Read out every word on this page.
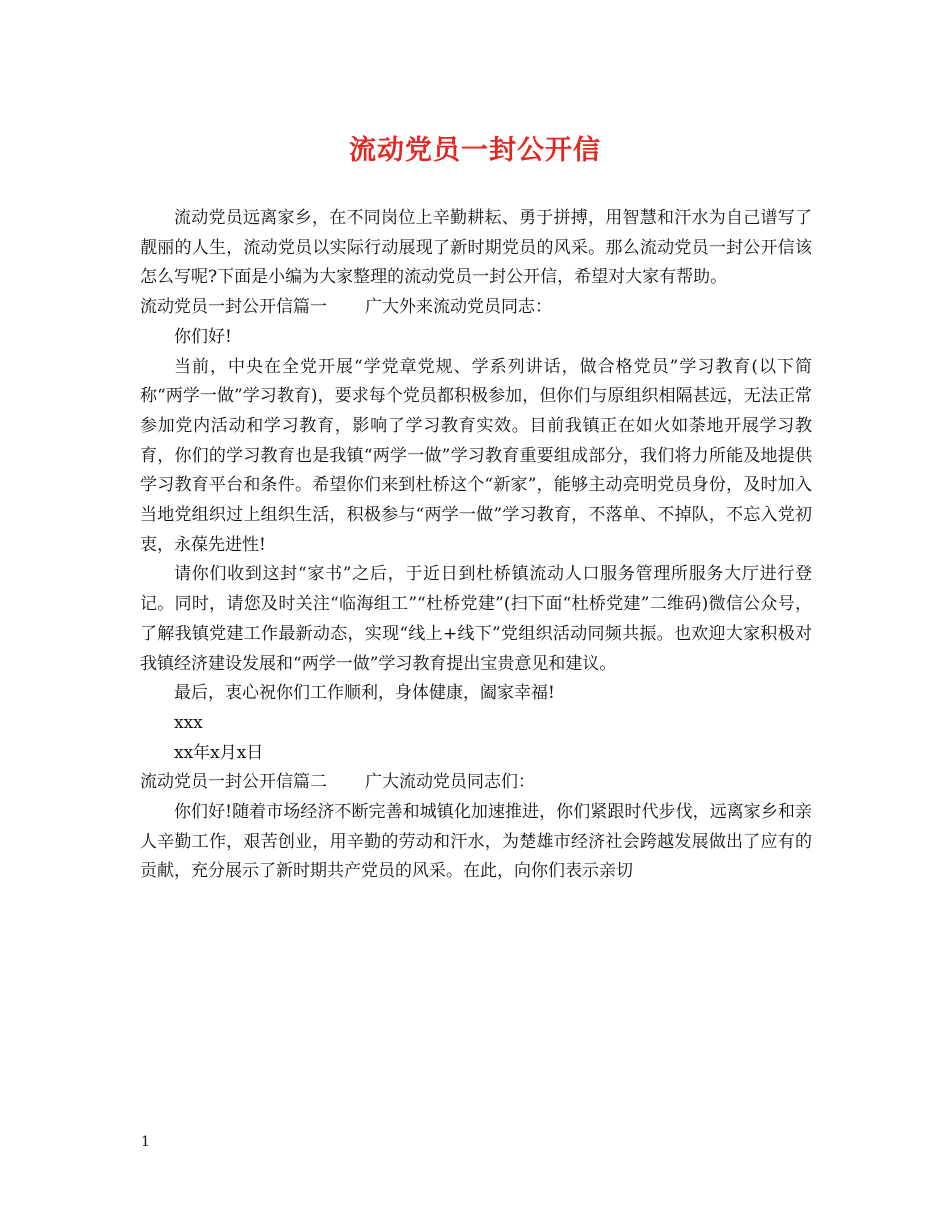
流动党员一封公开信

流动党员远离家乡，在不同岗位上辛勤耕耘、勇于拼搏，用智慧和汗水为自己谱写了靓丽的人生，流动党员以实际行动展现了新时期党员的风采。那么流动党员一封公开信该怎么写呢?下面是小编为大家整理的流动党员一封公开信，希望对大家有帮助。

流动党员一封公开信篇一 广大外来流动党员同志：

你们好!

当前，中央在全党开展“学党章党规、学系列讲话，做合格党员”学习教育(以下简称“两学一做”学习教育)，要求每个党员都积极参加，但你们与原组织相隔甚远，无法正常参加党内活动和学习教育，影响了学习教育实效。目前我镇正在如火如荼地开展学习教育，你们的学习教育也是我镇“两学一做”学习教育重要组成部分，我们将力所能及地提供学习教育平台和条件。希望你们来到杜桥这个“新家”，能够主动亮明党员身份，及时加入当地党组织过上组织生活，积极参与“两学一做”学习教育，不落单、不掉队，不忘入党初衷，永葆先进性!

请你们收到这封“家书”之后，于近日到杜桥镇流动人口服务管理所服务大厅进行登记。同时，请您及时关注“临海组工”“杜桥党建”(扫下面“杜桥党建”二维码)微信公众号，了解我镇党建工作最新动态，实现“线上+线下”党组织活动同频共振。也欢迎大家积极对我镇经济建设发展和“两学一做”学习教育提出宝贵意见和建议。

最后，衷心祝你们工作顺利，身体健康，阖家幸福!

xxx

xx年x月x日

流动党员一封公开信篇二 广大流动党员同志们：

你们好!随着市场经济不断完善和城镇化加速推进，你们紧跟时代步伐，远离家乡和亲人辛勤工作，艰苦创业，用辛勤的劳动和汗水，为楚雄市经济社会跨越发展做出了应有的贡献，充分展示了新时期共产党员的风采。在此，向你们表示亲切

1
